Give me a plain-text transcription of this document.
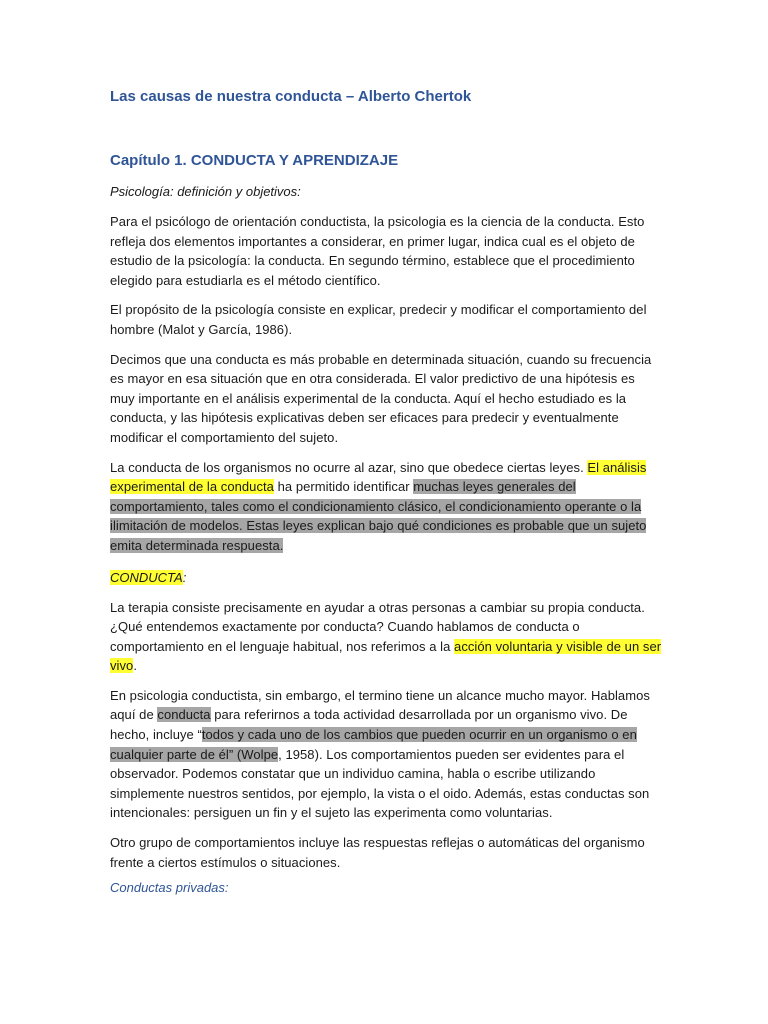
Las causas de nuestra conducta – Alberto Chertok
Capítulo 1. CONDUCTA Y APRENDIZAJE
Psicología: definición y objetivos:

Para el psicólogo de orientación conductista, la psicologia es la ciencia de la conducta. Esto refleja dos elementos importantes a considerar, en primer lugar, indica cual es el objeto de estudio de la psicología: la conducta. En segundo término, establece que el procedimiento elegido para estudiarla es el método científico.

El propósito de la psicología consiste en explicar, predecir y modificar el comportamiento del hombre (Malot y García, 1986).

Decimos que una conducta es más probable en determinada situación, cuando su frecuencia es mayor en esa situación que en otra considerada. El valor predictivo de una hipótesis es muy importante en el análisis experimental de la conducta. Aquí el hecho estudiado es la conducta, y las hipótesis explicativas deben ser eficaces para predecir y eventualmente modificar el comportamiento del sujeto.

La conducta de los organismos no ocurre al azar, sino que obedece ciertas leyes. El análisis experimental de la conducta ha permitido identificar muchas leyes generales del comportamiento, tales como el condicionamiento clásico, el condicionamiento operante o la ilimitación de modelos. Estas leyes explican bajo qué condiciones es probable que un sujeto emita determinada respuesta.

CONDUCTA:

La terapia consiste precisamente en ayudar a otras personas a cambiar su propia conducta. ¿Qué entendemos exactamente por conducta? Cuando hablamos de conducta o comportamiento en el lenguaje habitual, nos referimos a la acción voluntaria y visible de un ser vivo.

En psicologia conductista, sin embargo, el termino tiene un alcance mucho mayor. Hablamos aquí de conducta para referirnos a toda actividad desarrollada por un organismo vivo. De hecho, incluye “todos y cada uno de los cambios que pueden ocurrir en un organismo o en cualquier parte de él” (Wolpe, 1958). Los comportamientos pueden ser evidentes para el observador. Podemos constatar que un individuo camina, habla o escribe utilizando simplemente nuestros sentidos, por ejemplo, la vista o el oido. Además, estas conductas son intencionales: persiguen un fin y el sujeto las experimenta como voluntarias.

Otro grupo de comportamientos incluye las respuestas reflejas o automáticas del organismo frente a ciertos estímulos o situaciones.

Conductas privadas:
